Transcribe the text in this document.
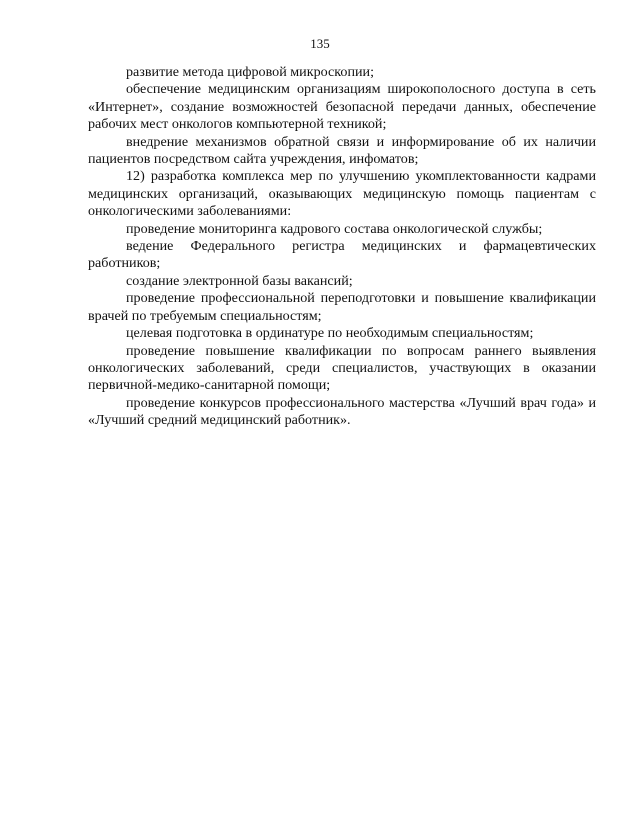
135

развитие метода цифровой микроскопии;

обеспечение медицинским организациям широкополосного доступа в сеть «Интернет», создание возможностей безопасной передачи данных, обеспечение рабочих мест онкологов компьютерной техникой;

внедрение механизмов обратной связи и информирование об их наличии пациентов посредством сайта учреждения, инфоматов;

12) разработка комплекса мер по улучшению укомплектованности кадрами медицинских организаций, оказывающих медицинскую помощь пациентам с онкологическими заболеваниями:

проведение мониторинга кадрового состава онкологической службы;

ведение Федерального регистра медицинских и фармацевтических работников;

создание электронной базы вакансий;

проведение профессиональной переподготовки и повышение квалификации врачей по требуемым специальностям;

целевая подготовка в ординатуре по необходимым специальностям;

проведение повышение квалификации по вопросам раннего выявления онкологических заболеваний, среди специалистов, участвующих в оказании первичной-медико-санитарной помощи;

проведение конкурсов профессионального мастерства «Лучший врач года» и «Лучший средний медицинский работник».
